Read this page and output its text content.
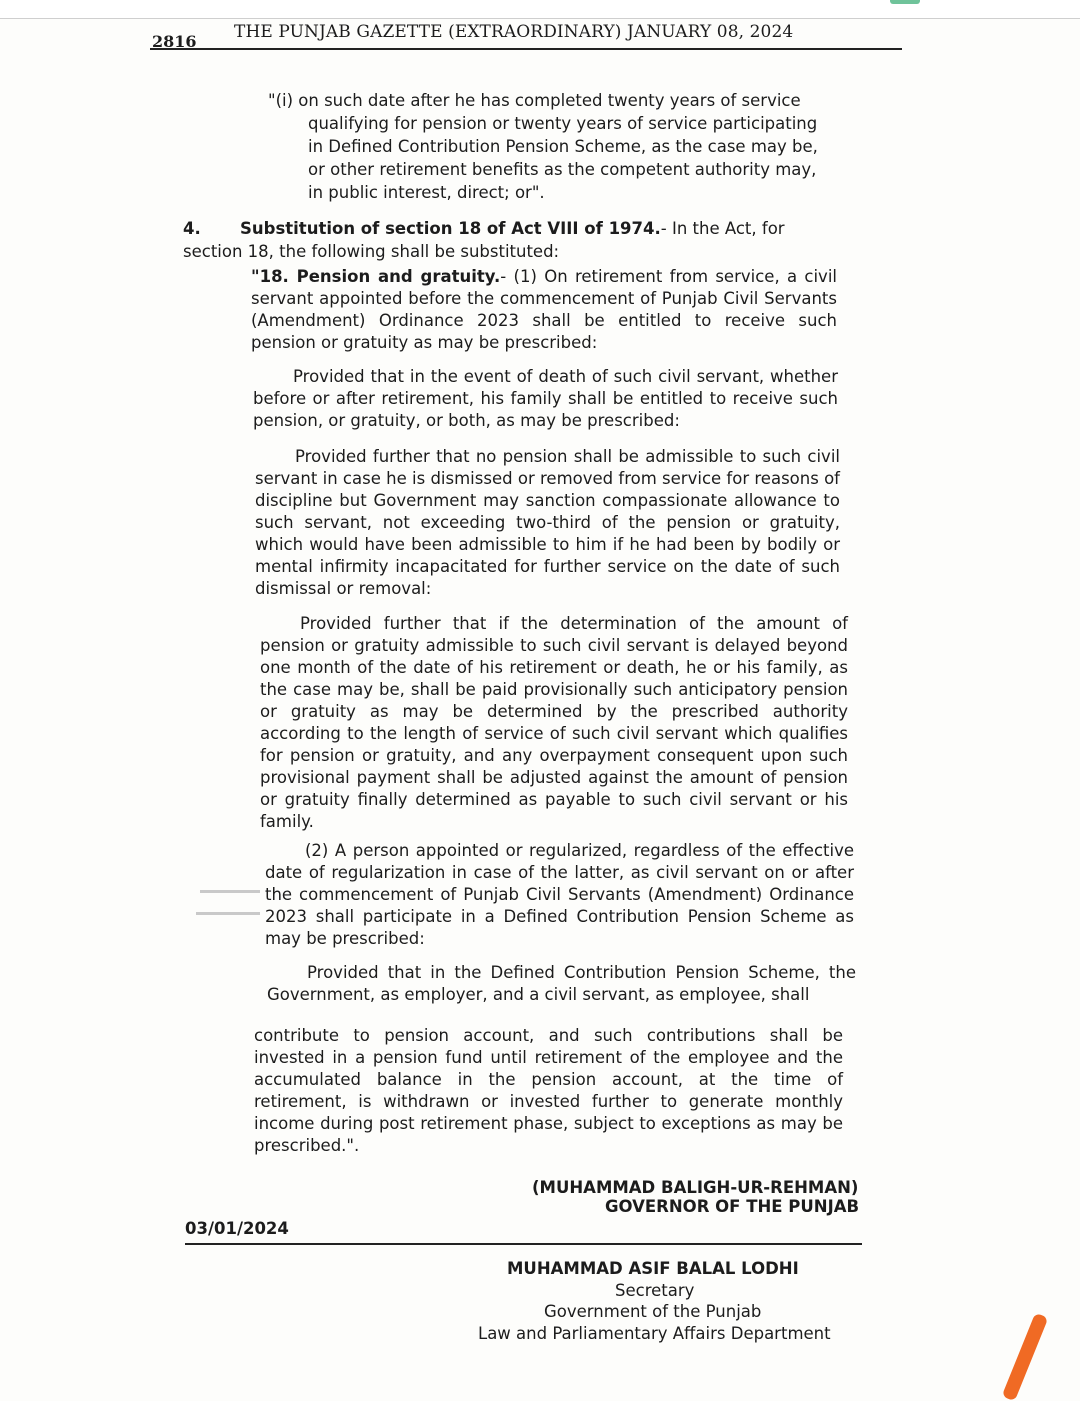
2816 THE PUNJAB GAZETTE (EXTRAORDINARY) JANUARY 08, 2024
"(i) on such date after he has completed twenty years of service
qualifying for pension or twenty years of service participating
in Defined Contribution Pension Scheme, as the case may be,
or other retirement benefits as the competent authority may,
in public interest, direct; or".
4. Substitution of section 18 of Act VIII of 1974.- In the Act, for
section 18, the following shall be substituted:
"18. Pension and gratuity.- (1) On retirement from service, a civil servant appointed before the commencement of Punjab Civil Servants (Amendment) Ordinance 2023 shall be entitled to receive such pension or gratuity as may be prescribed:
Provided that in the event of death of such civil servant, whether before or after retirement, his family shall be entitled to receive such pension, or gratuity, or both, as may be prescribed:
Provided further that no pension shall be admissible to such civil servant in case he is dismissed or removed from service for reasons of discipline but Government may sanction compassionate allowance to such servant, not exceeding two-third of the pension or gratuity, which would have been admissible to him if he had been by bodily or mental infirmity incapacitated for further service on the date of such dismissal or removal:
Provided further that if the determination of the amount of pension or gratuity admissible to such civil servant is delayed beyond one month of the date of his retirement or death, he or his family, as the case may be, shall be paid provisionally such anticipatory pension or gratuity as may be determined by the prescribed authority according to the length of service of such civil servant which qualifies for pension or gratuity, and any overpayment consequent upon such provisional payment shall be adjusted against the amount of pension or gratuity finally determined as payable to such civil servant or his family.
(2) A person appointed or regularized, regardless of the effective date of regularization in case of the latter, as civil servant on or after the commencement of Punjab Civil Servants (Amendment) Ordinance 2023 shall participate in a Defined Contribution Pension Scheme as may be prescribed:
Provided that in the Defined Contribution Pension Scheme, the Government, as employer, and a civil servant, as employee, shall
contribute to pension account, and such contributions shall be invested in a pension fund until retirement of the employee and the accumulated balance in the pension account, at the time of retirement, is withdrawn or invested further to generate monthly income during post retirement phase, subject to exceptions as may be prescribed.".
(MUHAMMAD BALIGH-UR-REHMAN)
GOVERNOR OF THE PUNJAB
03/01/2024
MUHAMMAD ASIF BALAL LODHI
Secretary
Government of the Punjab
Law and Parliamentary Affairs Department
